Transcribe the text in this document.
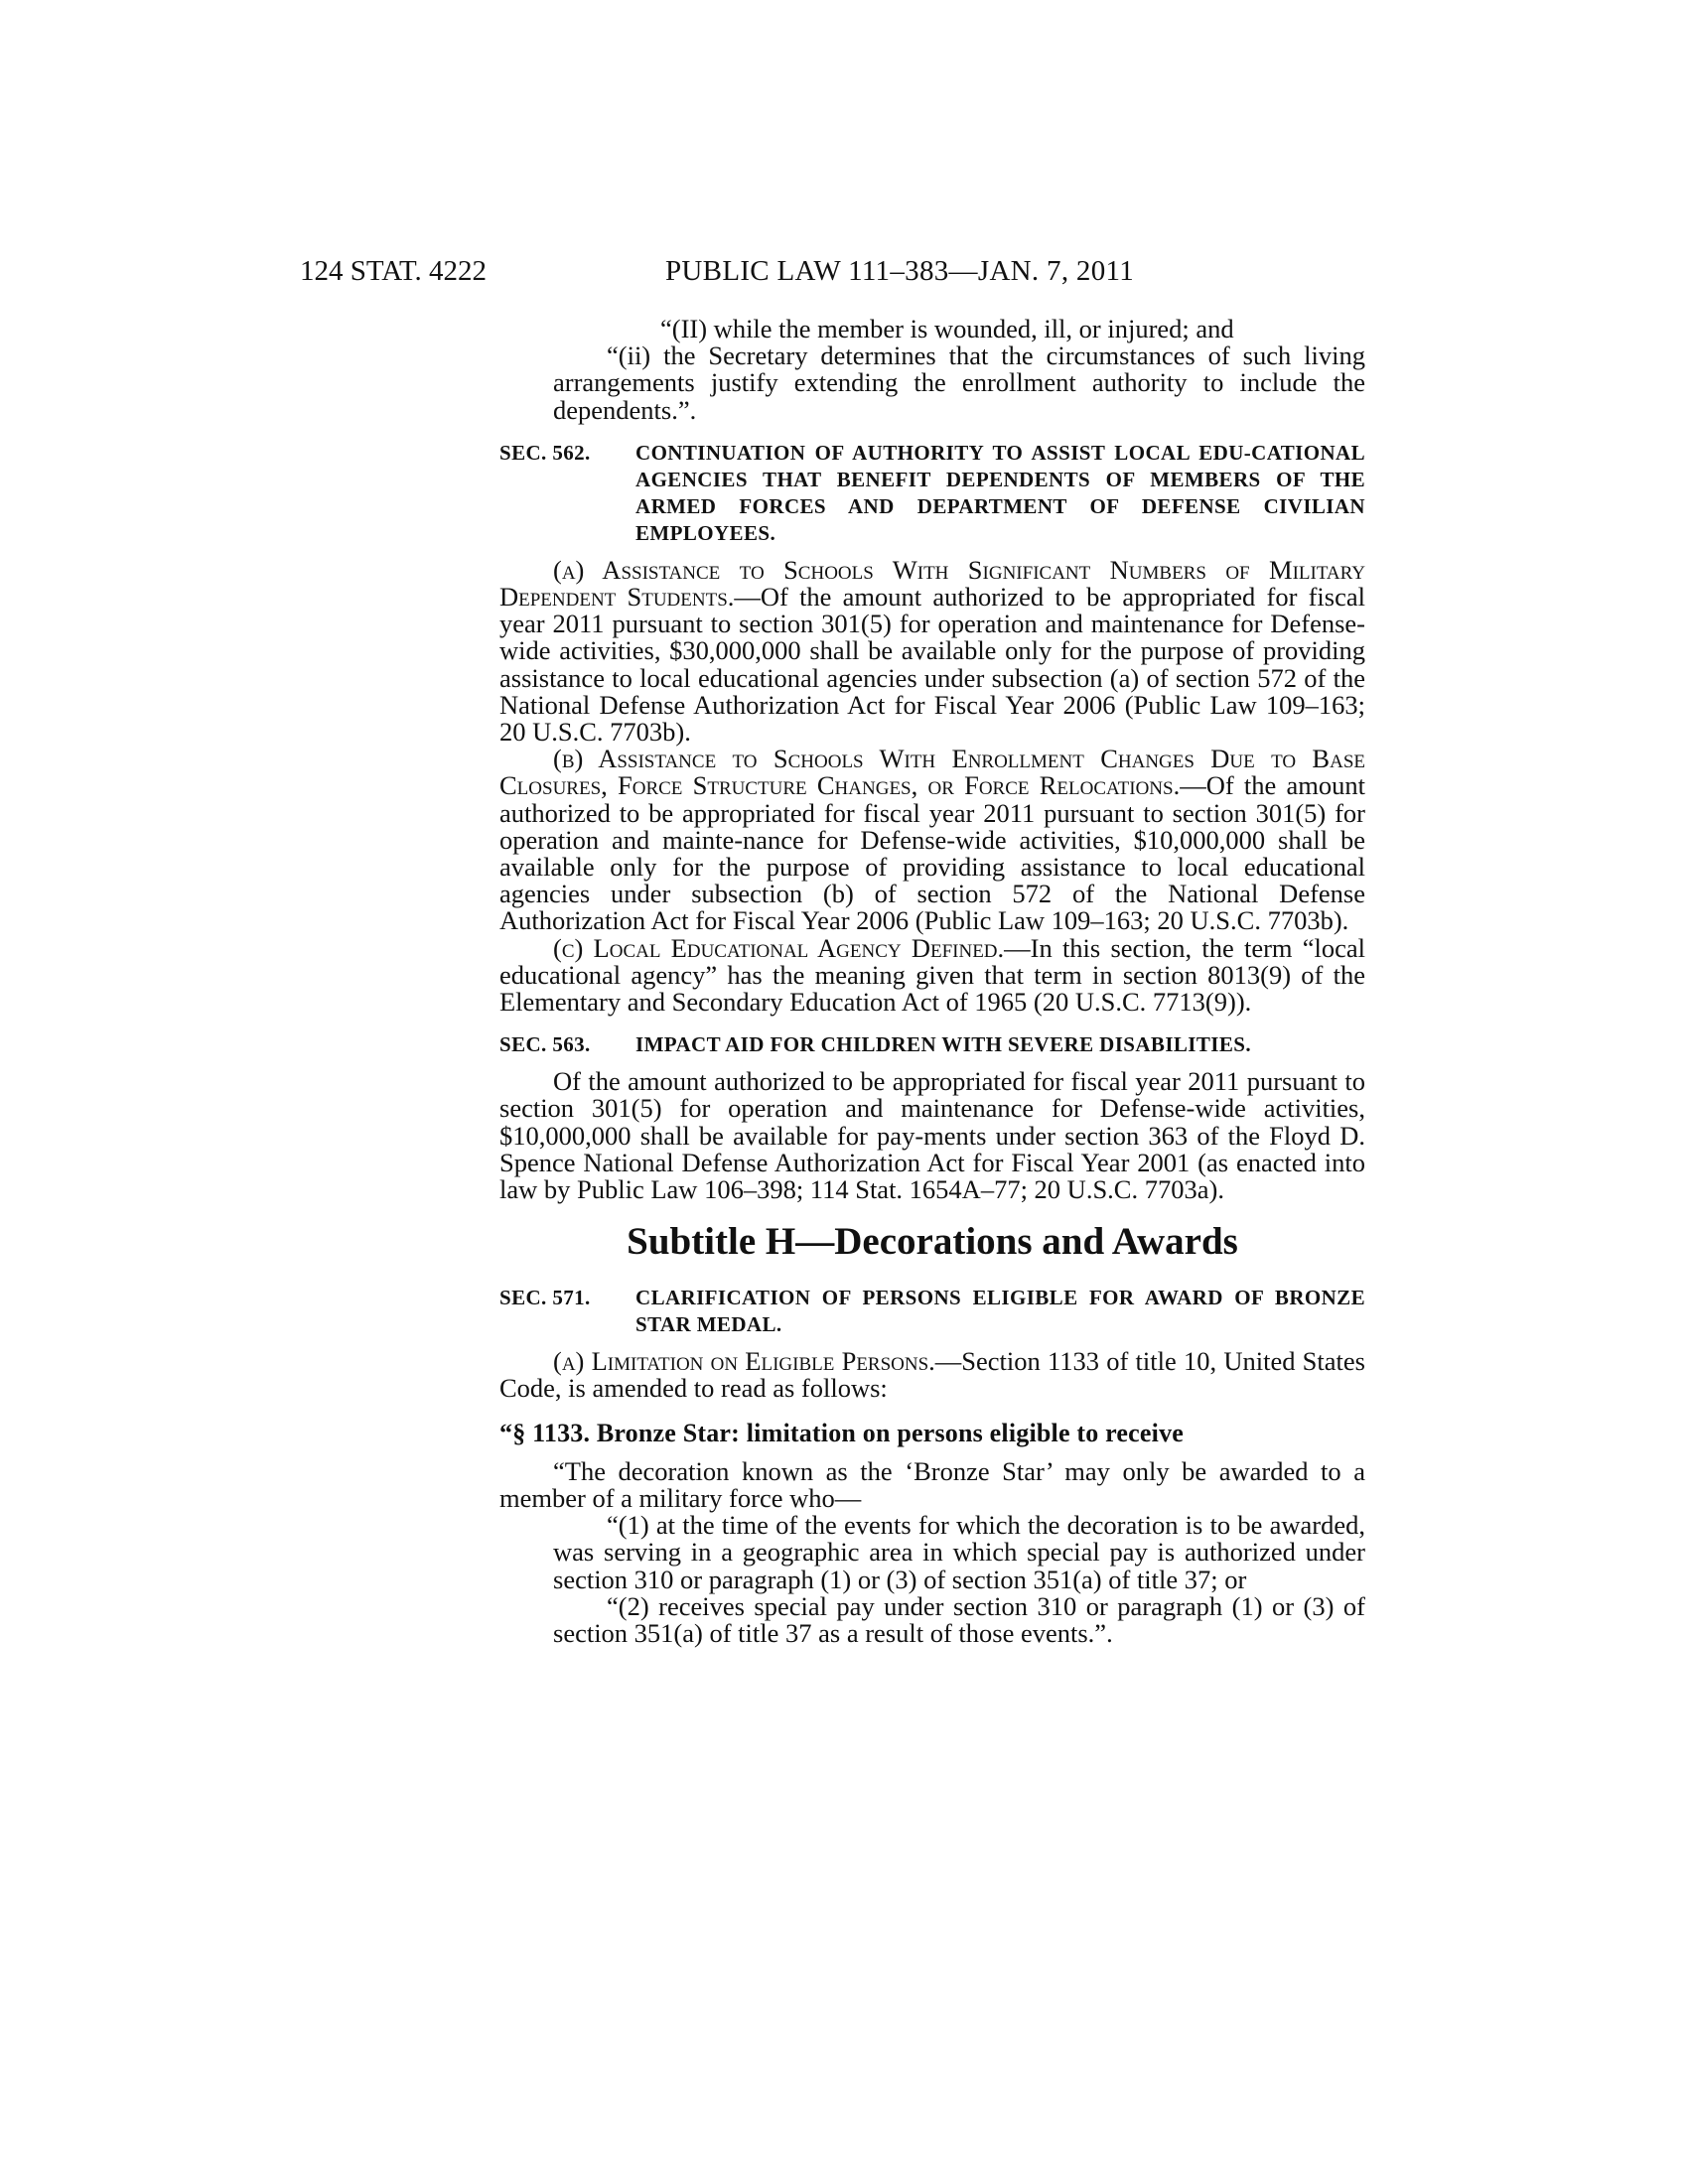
124 STAT. 4222	PUBLIC LAW 111–383—JAN. 7, 2011

“(II) while the member is wounded, ill, or injured; and

“(ii) the Secretary determines that the circumstances of such living arrangements justify extending the enrollment authority to include the dependents.”.

SEC. 562. CONTINUATION OF AUTHORITY TO ASSIST LOCAL EDU-CATIONAL AGENCIES THAT BENEFIT DEPENDENTS OF MEMBERS OF THE ARMED FORCES AND DEPARTMENT OF DEFENSE CIVILIAN EMPLOYEES.

(a) Assistance to Schools With Significant Numbers of Military Dependent Students.—Of the amount authorized to be appropriated for fiscal year 2011 pursuant to section 301(5) for operation and maintenance for Defense-wide activities, $30,000,000 shall be available only for the purpose of providing assistance to local educational agencies under subsection (a) of section 572 of the National Defense Authorization Act for Fiscal Year 2006 (Public Law 109–163; 20 U.S.C. 7703b).

(b) Assistance to Schools With Enrollment Changes Due to Base Closures, Force Structure Changes, or Force Relocations.—Of the amount authorized to be appropriated for fiscal year 2011 pursuant to section 301(5) for operation and mainte-nance for Defense-wide activities, $10,000,000 shall be available only for the purpose of providing assistance to local educational agencies under subsection (b) of section 572 of the National Defense Authorization Act for Fiscal Year 2006 (Public Law 109–163; 20 U.S.C. 7703b).

(c) Local Educational Agency Defined.—In this section, the term “local educational agency” has the meaning given that term in section 8013(9) of the Elementary and Secondary Education Act of 1965 (20 U.S.C. 7713(9)).

SEC. 563. IMPACT AID FOR CHILDREN WITH SEVERE DISABILITIES.

Of the amount authorized to be appropriated for fiscal year 2011 pursuant to section 301(5) for operation and maintenance for Defense-wide activities, $10,000,000 shall be available for pay-ments under section 363 of the Floyd D. Spence National Defense Authorization Act for Fiscal Year 2001 (as enacted into law by Public Law 106–398; 114 Stat. 1654A–77; 20 U.S.C. 7703a).

Subtitle H—Decorations and Awards

SEC. 571. CLARIFICATION OF PERSONS ELIGIBLE FOR AWARD OF BRONZE STAR MEDAL.

(a) Limitation on Eligible Persons.—Section 1133 of title 10, United States Code, is amended to read as follows:

“§ 1133. Bronze Star: limitation on persons eligible to receive

“The decoration known as the ‘Bronze Star’ may only be awarded to a member of a military force who—

“(1) at the time of the events for which the decoration is to be awarded, was serving in a geographic area in which special pay is authorized under section 310 or paragraph (1) or (3) of section 351(a) of title 37; or

“(2) receives special pay under section 310 or paragraph (1) or (3) of section 351(a) of title 37 as a result of those events.”.
